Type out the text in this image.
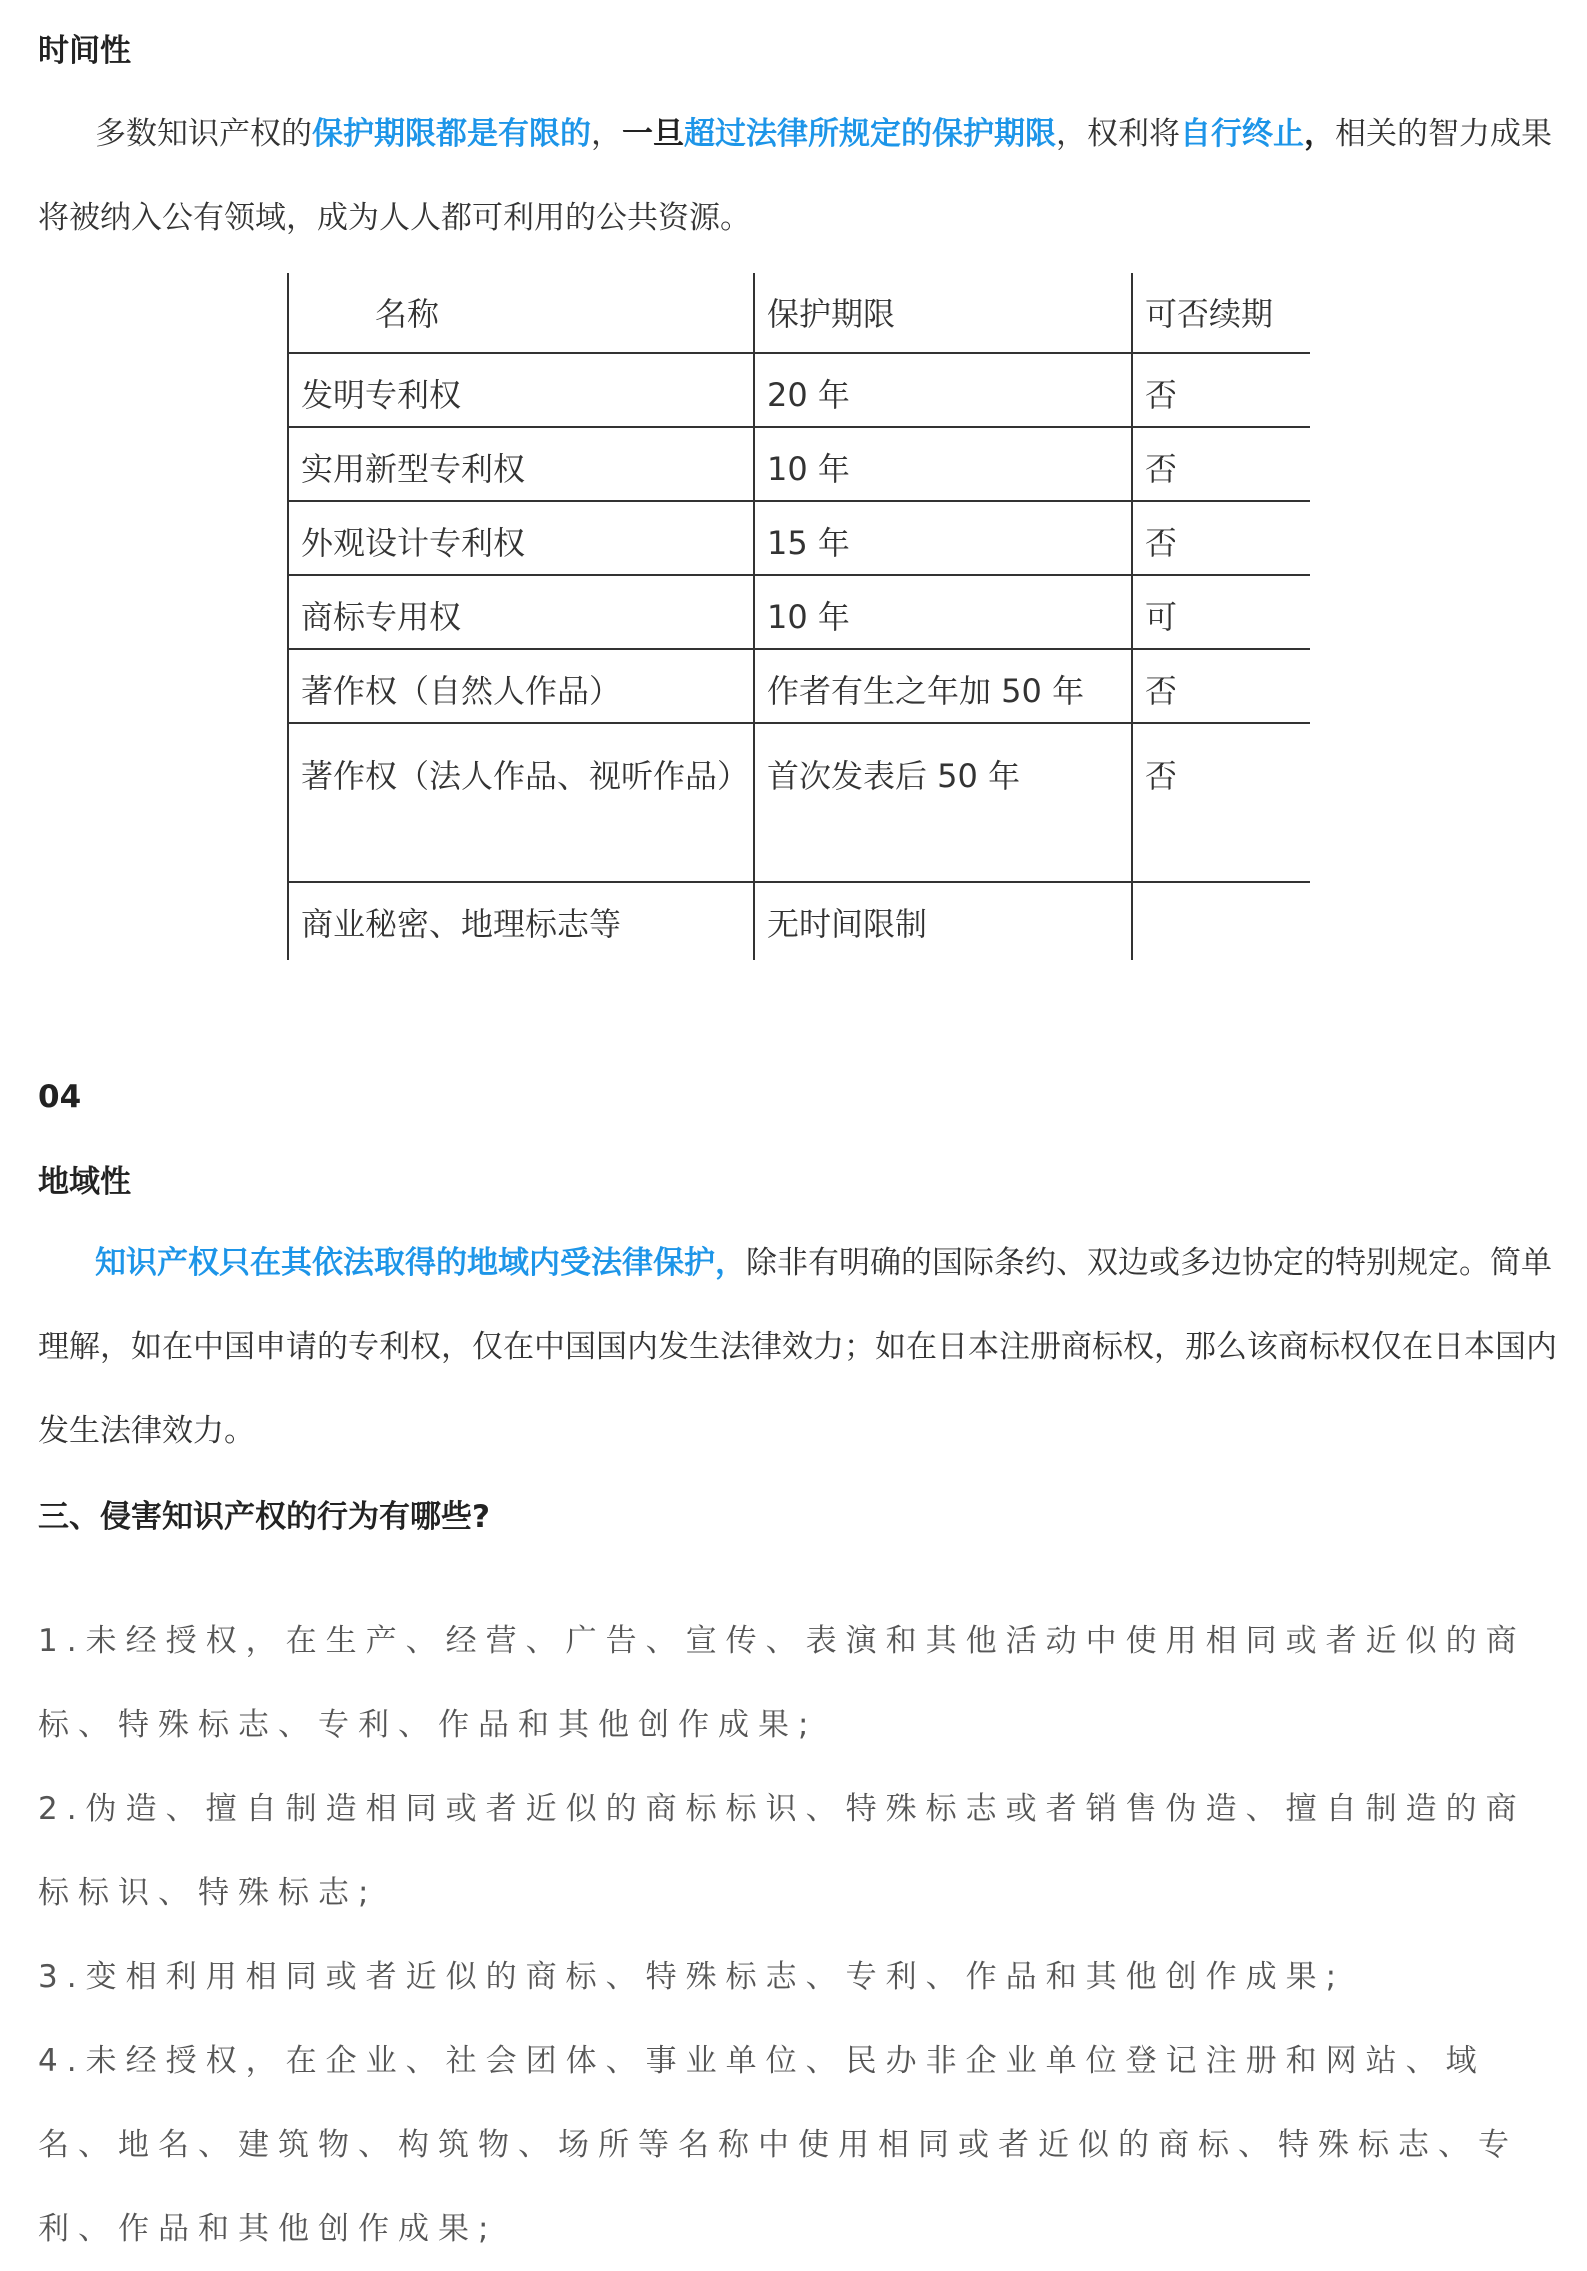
时间性

多数知识产权的保护期限都是有限的，一旦超过法律所规定的保护期限，权利将自行终止，相关的智力成果将被纳入公有领域，成为人人都可利用的公共资源。

名称	保护期限	可否续期
发明专利权	20 年	否
实用新型专利权	10 年	否
外观设计专利权	15 年	否
商标专用权	10 年	可
著作权（自然人作品）	作者有生之年加 50 年	否
著作权（法人作品、视听作品）	首次发表后 50 年	否
商业秘密、地理标志等	无时间限制	
04
地域性

知识产权只在其依法取得的地域内受法律保护，除非有明确的国际条约、双边或多边协定的特别规定。简单理解，如在中国申请的专利权，仅在中国国内发生法律效力；如在日本注册商标权，那么该商标权仅在日本国内发生法律效力。

三、侵害知识产权的行为有哪些?

1.未经授权，在生产、经营、广告、宣传、表演和其他活动中使用相同或者近似的商标、特殊标志、专利、作品和其他创作成果;

2.伪造、擅自制造相同或者近似的商标标识、特殊标志或者销售伪造、擅自制造的商标标识、特殊标志;

3.变相利用相同或者近似的商标、特殊标志、专利、作品和其他创作成果;

4.未经授权，在企业、社会团体、事业单位、民办非企业单位登记注册和网站、域名、地名、建筑物、构筑物、场所等名称中使用相同或者近似的商标、特殊标志、专利、作品和其他创作成果;
